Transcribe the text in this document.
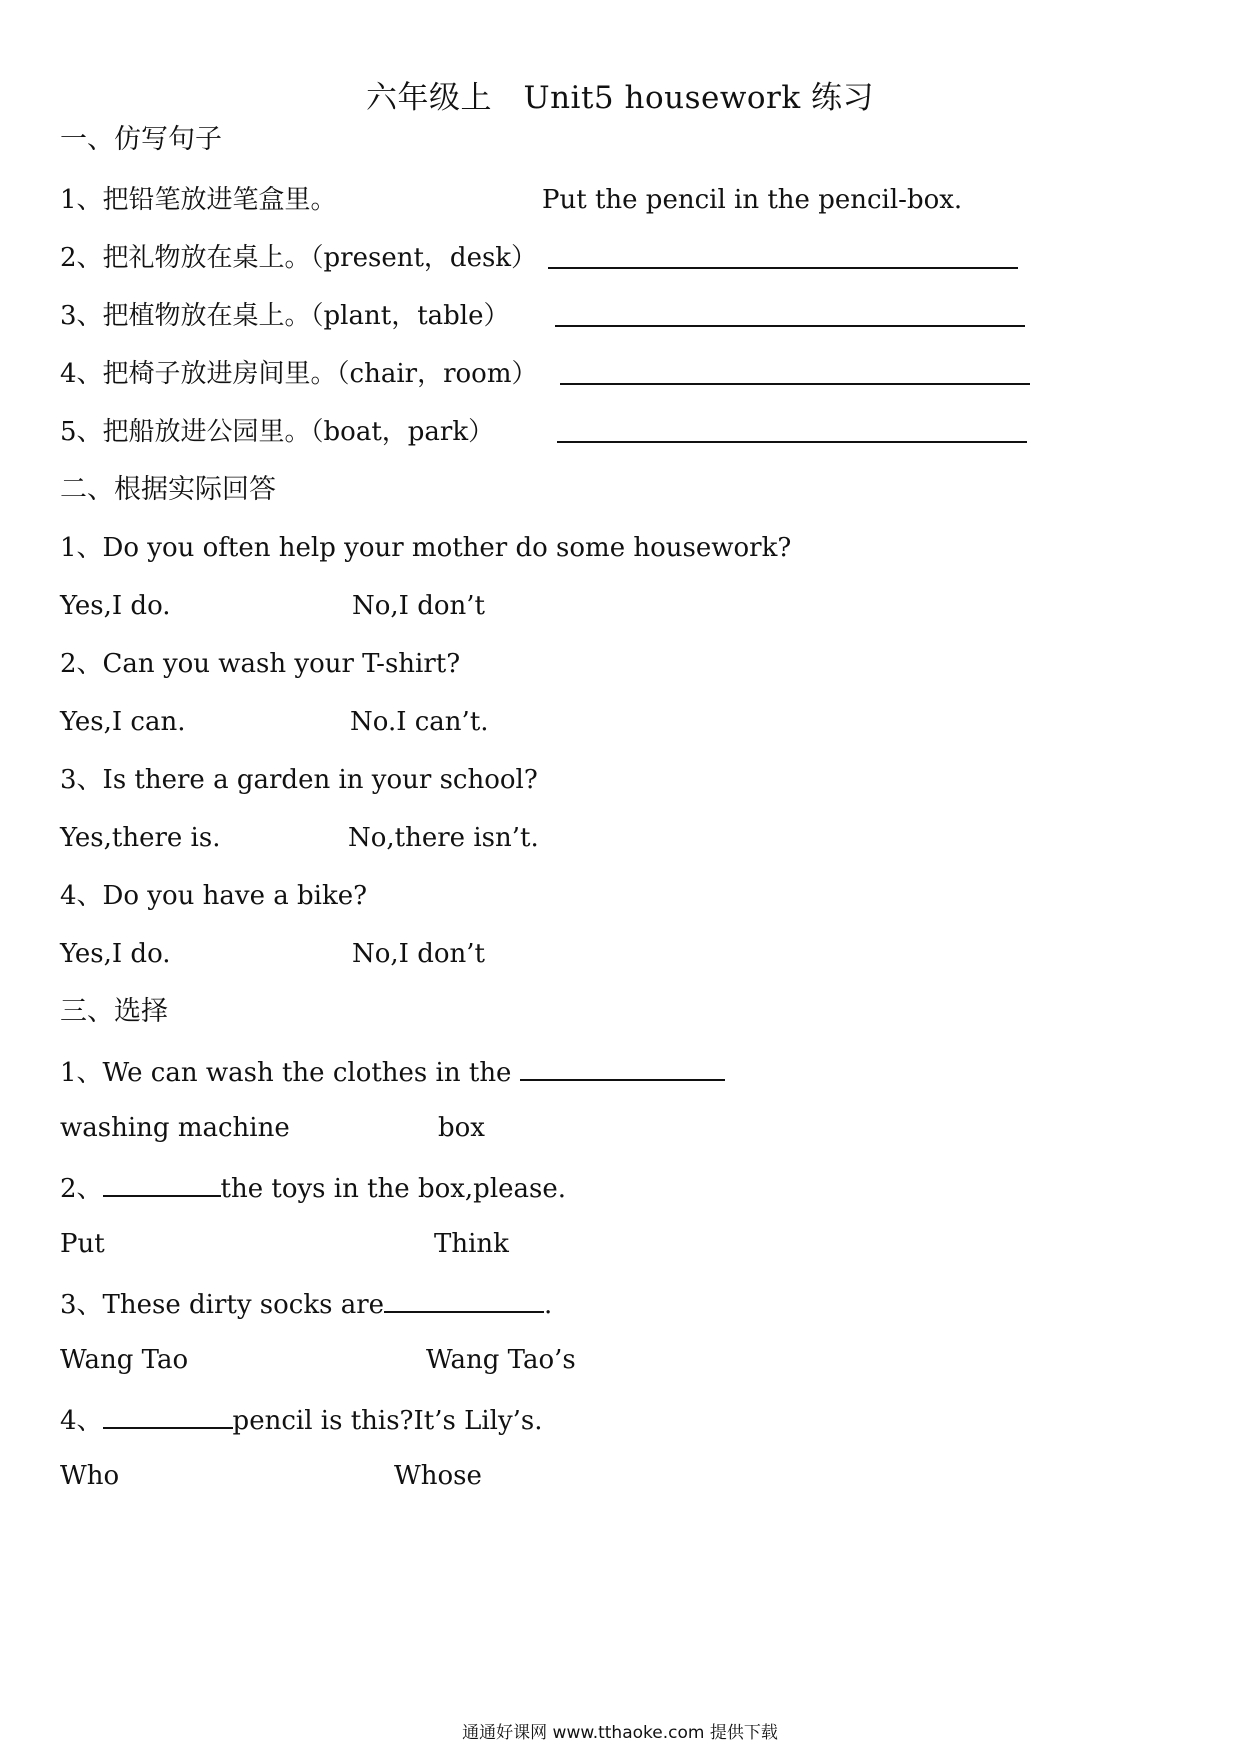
六年级上　Unit5 housework 练习
一、仿写句子
1、把铅笔放进笔盒里。	Put the pencil in the pencil-box.
2、把礼物放在桌上。（present，desk）
3、把植物放在桌上。（plant，table）
4、把椅子放进房间里。（chair，room）
5、把船放进公园里。（boat，park）
二、根据实际回答
1、Do you often help your mother do some housework?
Yes,I do.	No,I don’t
2、Can you wash your T-shirt?
Yes,I can.	No.I can’t.
3、Is there a garden in your school?
Yes,there is.	No,there isn’t.
4、Do you have a bike?
Yes,I do.	No,I don’t
三、选择
1、We can wash the clothes in the
washing machine	box
2、	the toys in the box,please.
Put	Think
3、These dirty socks are	.
Wang Tao	Wang Tao’s
4、	pencil is this?It’s Lily’s.
Who	Whose
通通好课网 www.tthaoke.com 提供下载
